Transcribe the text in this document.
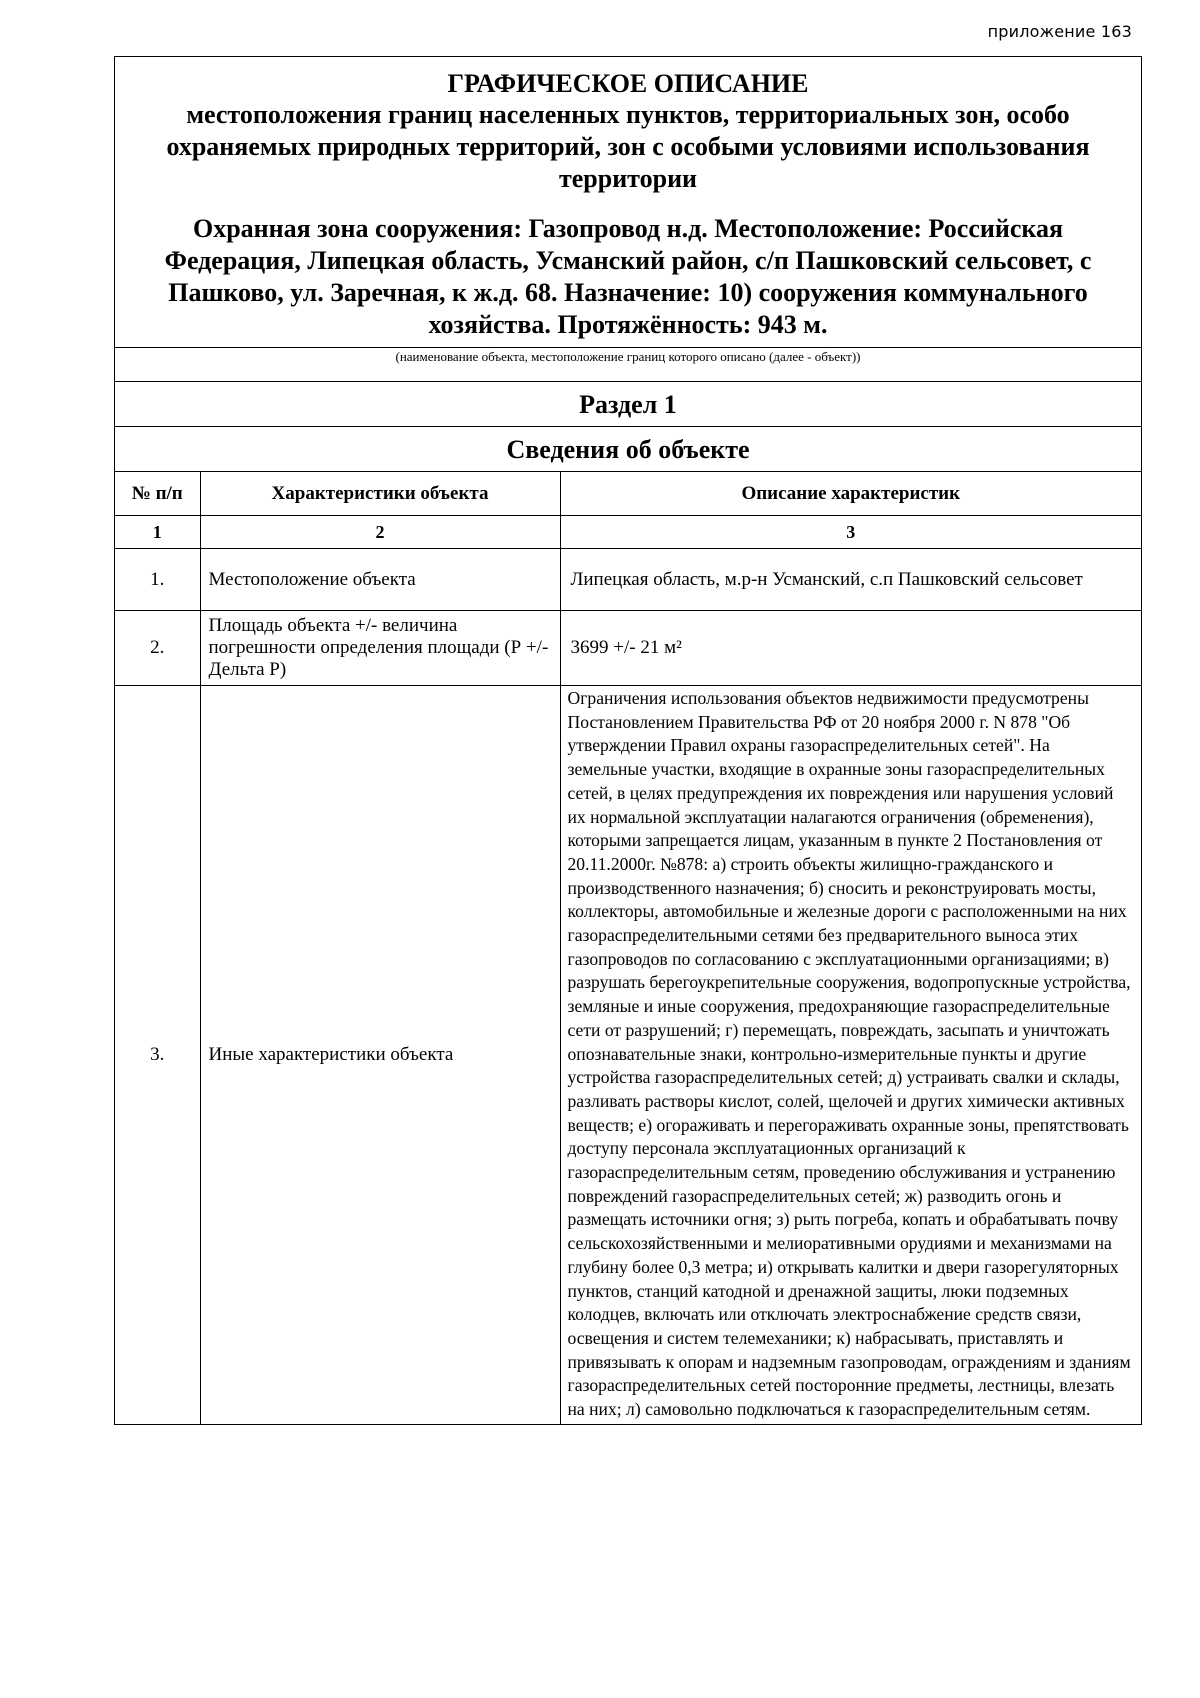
приложение 163
ГРАФИЧЕСКОЕ ОПИСАНИЕ
местоположения границ населенных пунктов, территориальных зон, особо охраняемых природных территорий, зон с особыми условиями использования территории
Охранная зона сооружения: Газопровод н.д. Местоположение: Российская Федерация, Липецкая область, Усманский район, с/п Пашковский сельсовет, с Пашково, ул. Заречная, к ж.д. 68. Назначение: 10) сооружения коммунального хозяйства. Протяжённость: 943 м.
(наименование объекта, местоположение границ которого описано (далее - объект))
Раздел 1
Сведения об объекте
№ п/п	Характеристики объекта	Описание характеристик
1	2	3
1.	Местоположение объекта	Липецкая область, м.р-н Усманский, с.п Пашковский сельсовет
2.	Площадь объекта +/- величина погрешности определения площади (Р +/- Дельта Р)	3699 +/- 21 м²
3.	Иные характеристики объекта	Ограничения использования объектов недвижимости предусмотрены Постановлением Правительства РФ от 20 ноября 2000 г. N 878 "Об утверждении Правил охраны газораспределительных сетей". На земельные участки, входящие в охранные зоны газораспределительных сетей, в целях предупреждения их повреждения или нарушения условий их нормальной эксплуатации налагаются ограничения (обременения), которыми запрещается лицам, указанным в пункте 2 Постановления от 20.11.2000г. №878: а) строить объекты жилищно-гражданского и производственного назначения; б) сносить и реконструировать мосты, коллекторы, автомобильные и железные дороги с расположенными на них газораспределительными сетями без предварительного выноса этих газопроводов по согласованию с эксплуатационными организациями; в) разрушать берегоукрепительные сооружения, водопропускные устройства, земляные и иные сооружения, предохраняющие газораспределительные сети от разрушений; г) перемещать, повреждать, засыпать и уничтожать опознавательные знаки, контрольно-измерительные пункты и другие устройства газораспределительных сетей; д) устраивать свалки и склады, разливать растворы кислот, солей, щелочей и других химически активных веществ; е) огораживать и перегораживать охранные зоны, препятствовать доступу персонала эксплуатационных организаций к газораспределительным сетям, проведению обслуживания и устранению повреждений газораспределительных сетей; ж) разводить огонь и размещать источники огня; з) рыть погреба, копать и обрабатывать почву сельскохозяйственными и мелиоративными орудиями и механизмами на глубину более 0,3 метра; и) открывать калитки и двери газорегуляторных пунктов, станций катодной и дренажной защиты, люки подземных колодцев, включать или отключать электроснабжение средств связи, освещения и систем телемеханики; к) набрасывать, приставлять и привязывать к опорам и надземным газопроводам, ограждениям и зданиям газораспределительных сетей посторонние предметы, лестницы, влезать на них; л) самовольно подключаться к газораспределительным сетям.
